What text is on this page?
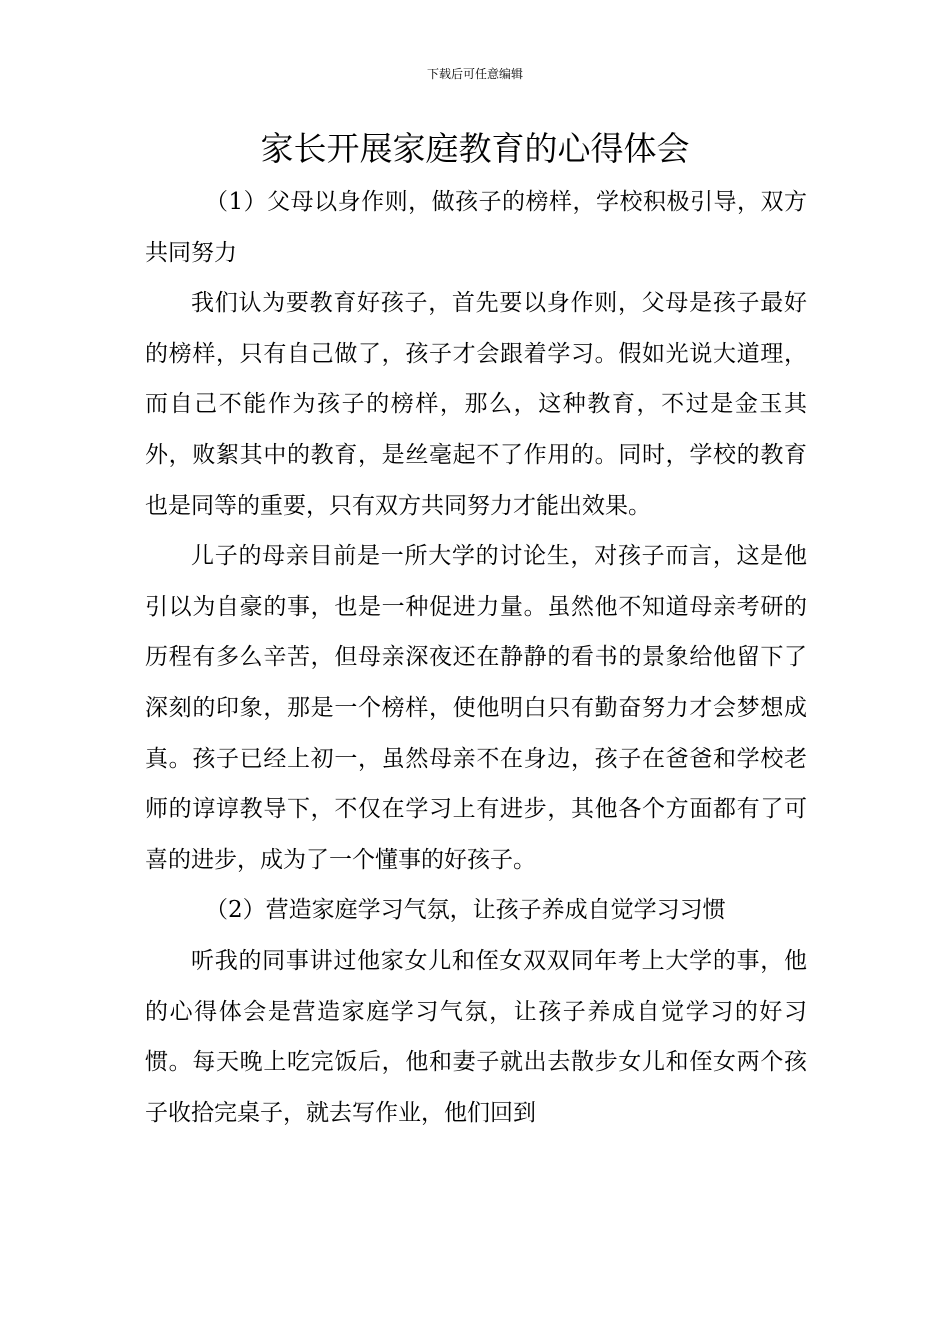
下载后可任意编辑
家长开展家庭教育的心得体会

（1）父母以身作则，做孩子的榜样，学校积极引导，双方共同努力

我们认为要教育好孩子，首先要以身作则，父母是孩子最好的榜样，只有自己做了，孩子才会跟着学习。假如光说大道理，而自己不能作为孩子的榜样，那么，这种教育，不过是金玉其外，败絮其中的教育，是丝毫起不了作用的。同时，学校的教育也是同等的重要，只有双方共同努力才能出效果。

儿子的母亲目前是一所大学的讨论生，对孩子而言，这是他引以为自豪的事，也是一种促进力量。虽然他不知道母亲考研的历程有多么辛苦，但母亲深夜还在静静的看书的景象给他留下了深刻的印象，那是一个榜样，使他明白只有勤奋努力才会梦想成真。孩子已经上初一，虽然母亲不在身边，孩子在爸爸和学校老师的谆谆教导下，不仅在学习上有进步，其他各个方面都有了可喜的进步，成为了一个懂事的好孩子。

（2）营造家庭学习气氛，让孩子养成自觉学习习惯

听我的同事讲过他家女儿和侄女双双同年考上大学的事，他的心得体会是营造家庭学习气氛，让孩子养成自觉学习的好习惯。每天晚上吃完饭后，他和妻子就出去散步女儿和侄女两个孩子收拾完桌子，就去写作业，他们回到
